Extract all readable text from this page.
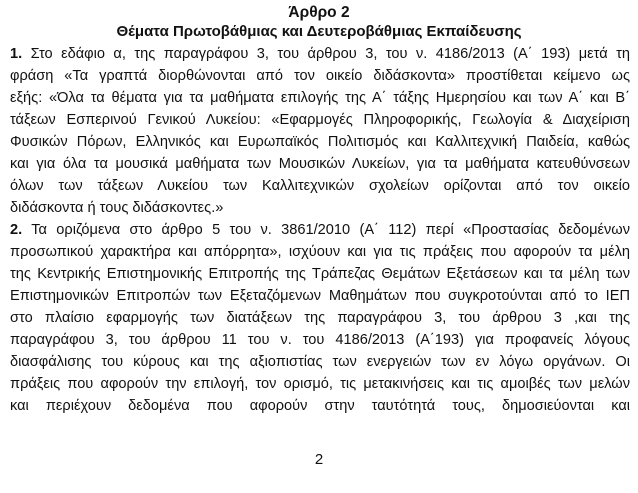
Άρθρο 2
Θέματα Πρωτοβάθμιας και Δευτεροβάθμιας Εκπαίδευσης
1. Στο εδάφιο α, της παραγράφου 3, του άρθρου 3, του ν. 4186/2013 (Α΄ 193) μετά τη
φράση «Τα γραπτά διορθώνονται από τον οικείο διδάσκοντα» προστίθεται κείμενο ως
εξής: «Όλα τα θέματα για τα μαθήματα επιλογής της Α΄ τάξης Ημερησίου και των Α΄ και Β΄
τάξεων Εσπερινού Γενικού Λυκείου: «Εφαρμογές Πληροφορικής, Γεωλογία & Διαχείριση
Φυσικών Πόρων, Ελληνικός και Ευρωπαϊκός Πολιτισμός και Καλλιτεχνική Παιδεία, καθώς
και για όλα τα μουσικά μαθήματα των Μουσικών Λυκείων, για τα μαθήματα κατευθύνσεων
όλων των τάξεων Λυκείου των Καλλιτεχνικών σχολείων ορίζονται από τον οικείο
διδάσκοντα ή τους διδάσκοντες.»
2. Τα οριζόμενα στο άρθρο 5 του ν. 3861/2010 (Α΄ 112) περί «Προστασίας δεδομένων
προσωπικού χαρακτήρα και απόρρητα», ισχύουν και για τις πράξεις που αφορούν τα μέλη
της Κεντρικής Επιστημονικής Επιτροπής της Τράπεζας Θεμάτων Εξετάσεων και τα μέλη των
Επιστημονικών Επιτροπών των Εξεταζόμενων Μαθημάτων που συγκροτούνται από το ΙΕΠ
στο πλαίσιο εφαρμογής των διατάξεων της παραγράφου 3, του άρθρου 3 ,και της
παραγράφου 3, του άρθρου 11 του ν. του 4186/2013 (Α΄193) για προφανείς λόγους
διασφάλισης του κύρους και της αξιοπιστίας των ενεργειών των εν λόγω οργάνων. Οι
πράξεις που αφορούν την επιλογή, τον ορισμό, τις μετακινήσεις και τις αμοιβές των μελών
και περιέχουν δεδομένα που αφορούν στην ταυτότητά τους, δημοσιεύονται και
2
